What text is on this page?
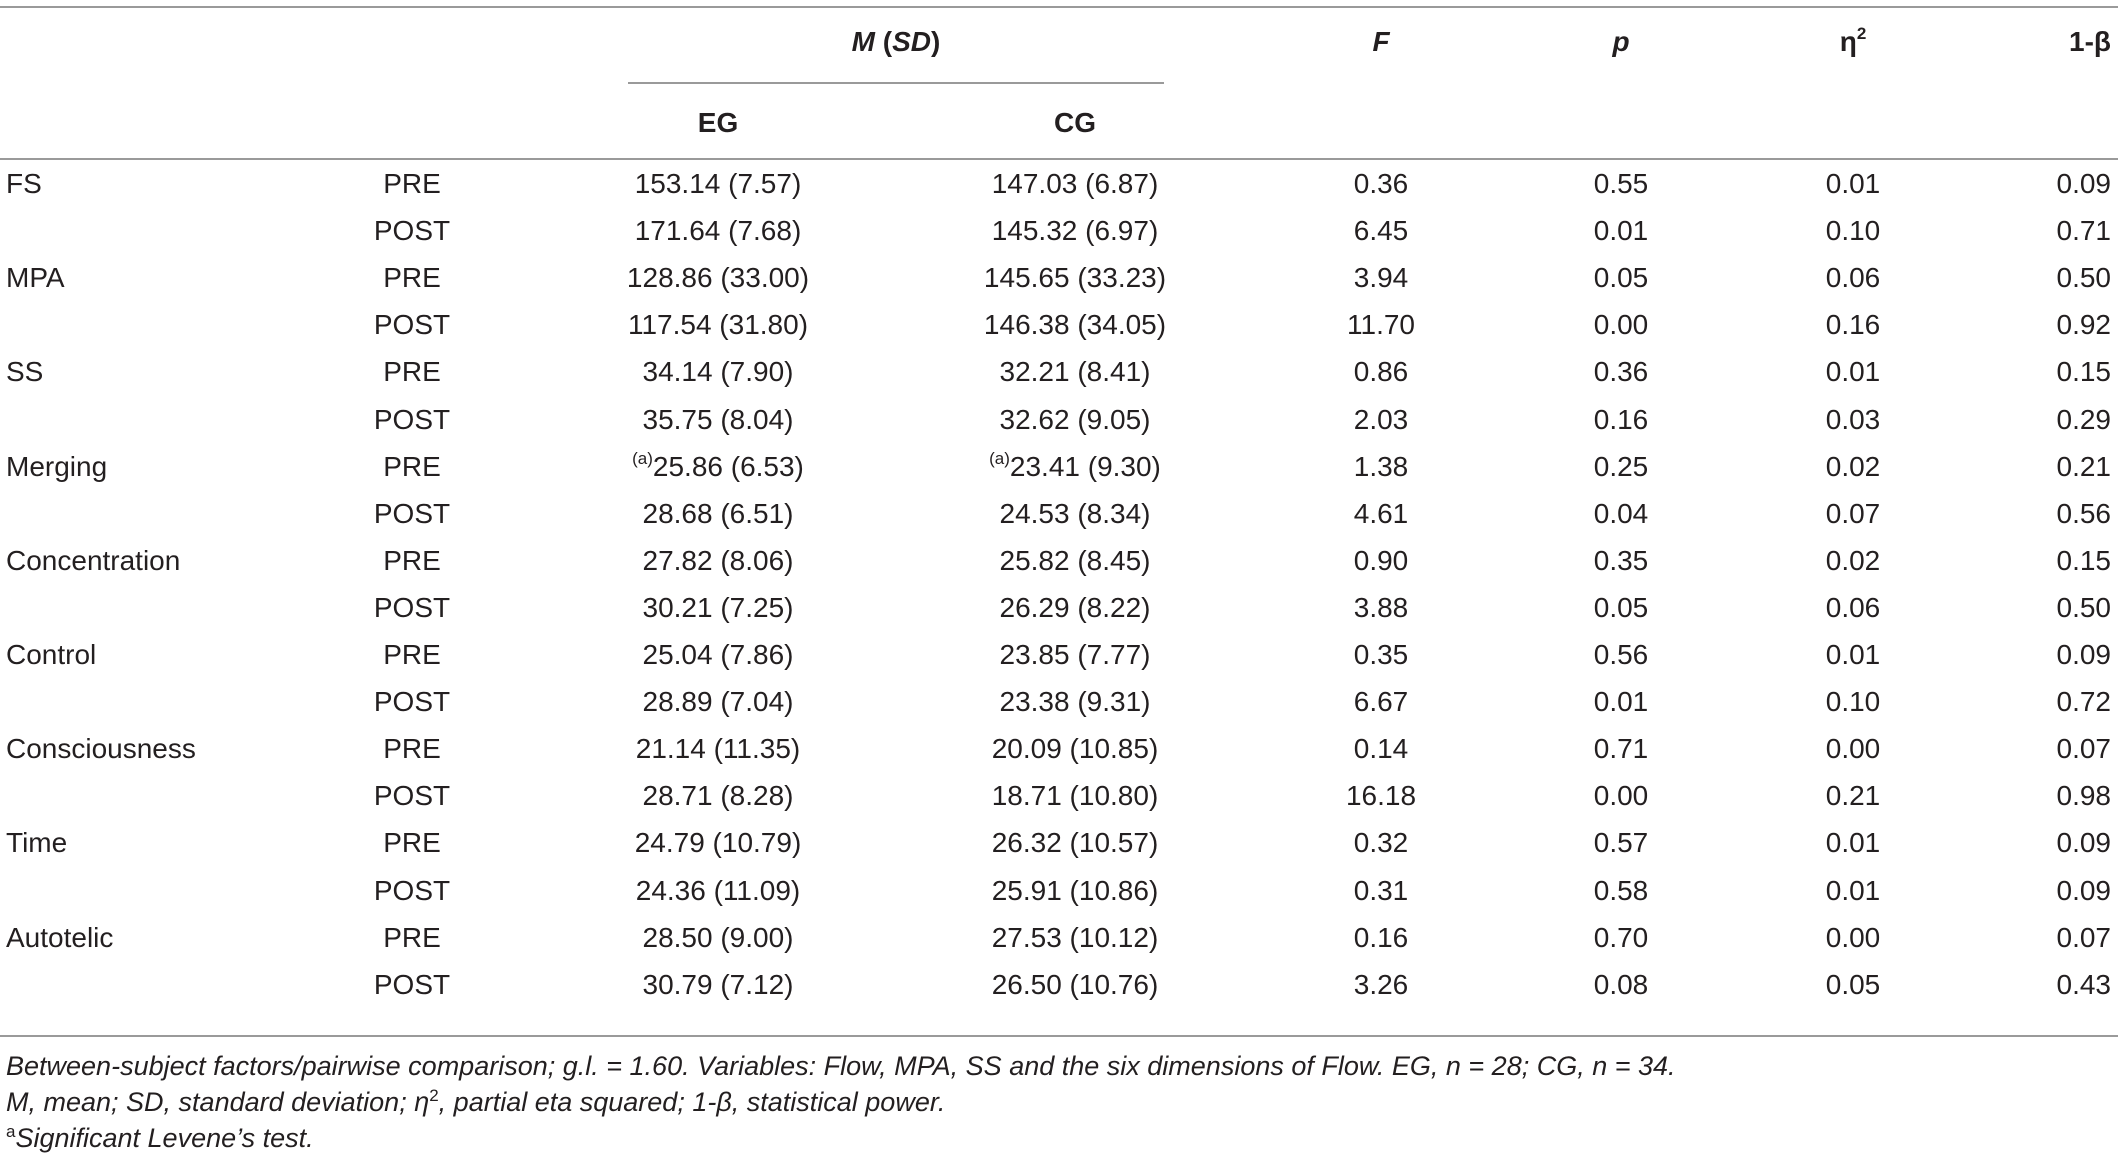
M (SD)
EG	CG
F	p	$\eta^2$	1-β
FS	PRE	153.14 (7.57)	147.03 (6.87)	0.36	0.55	0.01	0.09
POST	171.64 (7.68)	145.32 (6.97)	6.45	0.01	0.10	0.71
MPA	PRE	128.86 (33.00)	145.65 (33.23)	3.94	0.05	0.06	0.50
POST	117.54 (31.80)	146.38 (34.05)	11.70	0.00	0.16	0.92
SS	PRE	34.14 (7.90)	32.21 (8.41)	0.86	0.36	0.01	0.15
POST	35.75 (8.04)	32.62 (9.05)	2.03	0.16	0.03	0.29
Merging	PRE	$^{(a)}$25.86 (6.53)	$^{(a)}$23.41 (9.30)	1.38	0.25	0.02	0.21
POST	28.68 (6.51)	24.53 (8.34)	4.61	0.04	0.07	0.56
Concentration	PRE	27.82 (8.06)	25.82 (8.45)	0.90	0.35	0.02	0.15
POST	30.21 (7.25)	26.29 (8.22)	3.88	0.05	0.06	0.50
Control	PRE	25.04 (7.86)	23.85 (7.77)	0.35	0.56	0.01	0.09
POST	28.89 (7.04)	23.38 (9.31)	6.67	0.01	0.10	0.72
Consciousness	PRE	21.14 (11.35)	20.09 (10.85)	0.14	0.71	0.00	0.07
POST	28.71 (8.28)	18.71 (10.80)	16.18	0.00	0.21	0.98
Time	PRE	24.79 (10.79)	26.32 (10.57)	0.32	0.57	0.01	0.09
POST	24.36 (11.09)	25.91 (10.86)	0.31	0.58	0.01	0.09
Autotelic	PRE	28.50 (9.00)	27.53 (10.12)	0.16	0.70	0.00	0.07
POST	30.79 (7.12)	26.50 (10.76)	3.26	0.08	0.05	0.43
Between-subject factors/pairwise comparison; g.l. = 1.60. Variables: Flow, MPA, SS and the six dimensions of Flow. EG, n = 28; CG, n = 34.
M, mean; SD, standard deviation; η$^2$, partial eta squared; 1-β, statistical power.
$^a$Significant Levene’s test.
